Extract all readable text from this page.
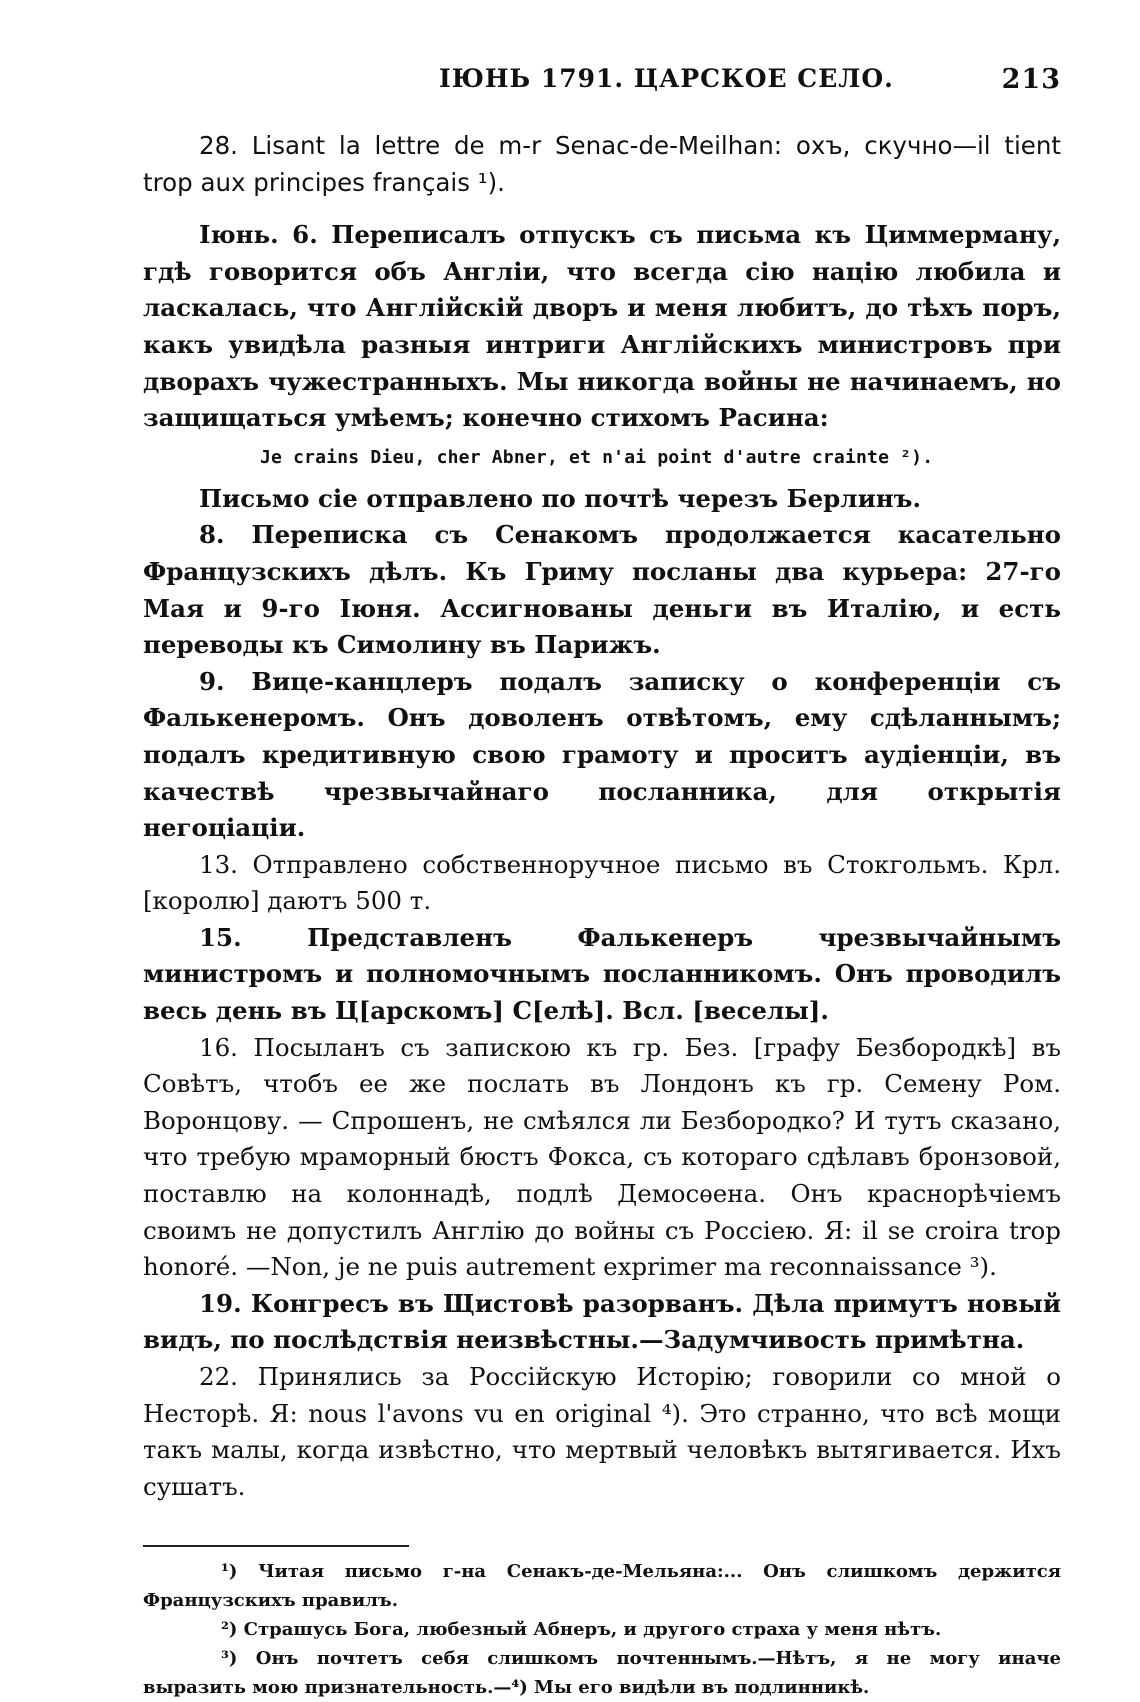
ІЮНЬ 1791. ЦАРСКОЕ СЕЛО.	213

28. Lisant la lettre de m-r Senac-de-Meilhan: охъ, скучно—il tient trop aux principes français ¹).

Іюнь. 6. Переписалъ отпускъ съ письма къ Циммерману, гдѣ говорится объ Англіи, что всегда сію націю любила и ласкалась, что Англійскій дворъ и меня любитъ, до тѣхъ поръ, какъ увидѣла разныя интриги Англійскихъ министровъ при дворахъ чужестранныхъ. Мы никогда войны не начинаемъ, но защищаться умѣемъ; конечно стихомъ Расина:

Je crains Dieu, cher Abner, et n'ai point d'autre crainte ²).

Письмо сіе отправлено по почтѣ черезъ Берлинъ.

8. Переписка съ Сенакомъ продолжается касательно Французскихъ дѣлъ. Къ Гриму посланы два курьера: 27-го Мая и 9-го Іюня. Ассигнованы деньги въ Италію, и есть переводы къ Симолину въ Парижъ.

9. Вице-канцлеръ подалъ записку о конференціи съ Фалькенеромъ. Онъ доволенъ отвѣтомъ, ему сдѣланнымъ; подалъ кредитивную свою грамоту и проситъ аудіенціи, въ качествѣ чрезвычайнаго посланника, для открытія негоціаціи.

13. Отправлено собственноручное письмо въ Стокгольмъ. Крл. [королю] даютъ 500 т.

15. Представленъ Фалькенеръ чрезвычайнымъ министромъ и полномочнымъ посланникомъ. Онъ проводилъ весь день въ Ц[арскомъ] С[елѣ]. Всл. [веселы].

16. Посыланъ съ запискою къ гр. Без. [графу Безбородкѣ] въ Совѣтъ, чтобъ ее же послать въ Лондонъ къ гр. Семену Ром. Воронцову. — Спрошенъ, не смѣялся ли Безбородко? И тутъ сказано, что требую мраморный бюстъ Фокса, съ котораго сдѣлавъ бронзовой, поставлю на колоннадѣ, подлѣ Демосѳена. Онъ краснорѣчіемъ своимъ не допустилъ Англію до войны съ Россіею. Я: il se croira trop honoré. —Non, je ne puis autrement exprimer ma reconnaissance ³).

19. Конгресъ въ Щистовѣ разорванъ. Дѣла примутъ новый видъ, по послѣдствія неизвѣстны.—Задумчивость примѣтна.

22. Принялись за Россійскую Исторію; говорили со мной о Несторѣ. Я: nous l'avons vu en original ⁴). Это странно, что всѣ мощи такъ малы, когда извѣстно, что мертвый человѣкъ вытягивается. Ихъ сушатъ.

¹) Читая письмо г-на Сенакъ-де-Мельяна:... Онъ слишкомъ держится Французскихъ правилъ.

²) Страшусь Бога, любезный Абнеръ, и другого страха у меня нѣтъ.

³) Онъ почтетъ себя слишкомъ почтеннымъ.—Нѣтъ, я не могу иначе выразить мою признательность.—⁴) Мы его видѣли въ подлинникѣ.
